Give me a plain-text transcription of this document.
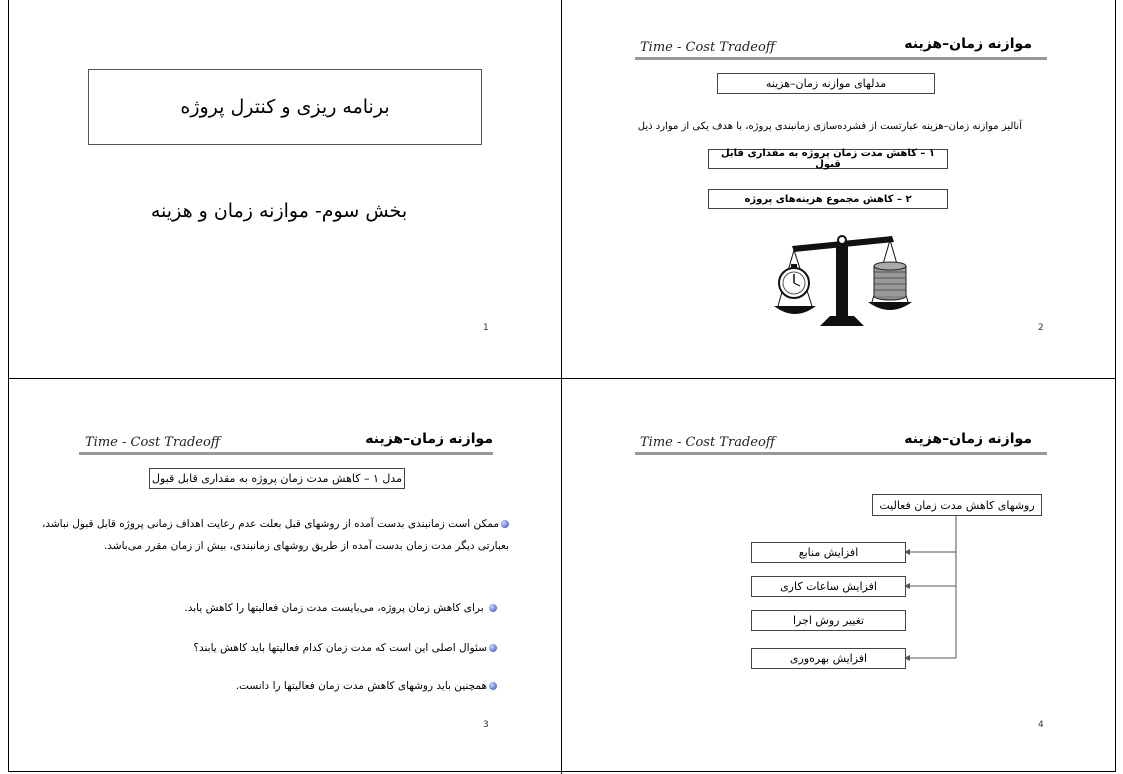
برنامه ریزی و کنترل پروژه
بخش سوم- موازنه زمان و هزینه
1
Time - Cost Tradeoff	موازنه زمان–هزینه
مدلهای موازنه زمان–هزینه
آنالیز موازنه زمان–هزینه عبارتست از فشرده‌سازی زمانبندی پروژه، با هدف یکی از موارد ذیل
۱ – کاهش مدت زمان پروژه به مقداری قابل قبول
۲ – کاهش مجموع هزینه‌های پروژه
2
Time - Cost Tradeoff	موازنه زمان–هزینه
مدل ۱ – کاهش مدت زمان پروژه به مقداری قابل قبول
ممکن است زمانبندی بدست آمده از روشهای قبل بعلت عدم رعایت اهداف زمانی پروژه قابل قبول نباشد،
بعبارتی دیگر مدت زمان بدست آمده از طریق روشهای زمانبندی، بیش از زمان مقرر می‌باشد.
برای کاهش زمان پروژه، می‌بایست مدت زمان فعالیتها را کاهش یابد.
سئوال اصلی این است که مدت زمان کدام فعالیتها باید کاهش یابند؟
همچنین باید روشهای کاهش مدت زمان فعالیتها را دانست.
3
Time - Cost Tradeoff	موازنه زمان–هزینه
روشهای کاهش مدت زمان فعالیت
افزایش منابع
افزایش ساعات کاری
تغییر روش اجرا
افزایش بهره‌وری
4
